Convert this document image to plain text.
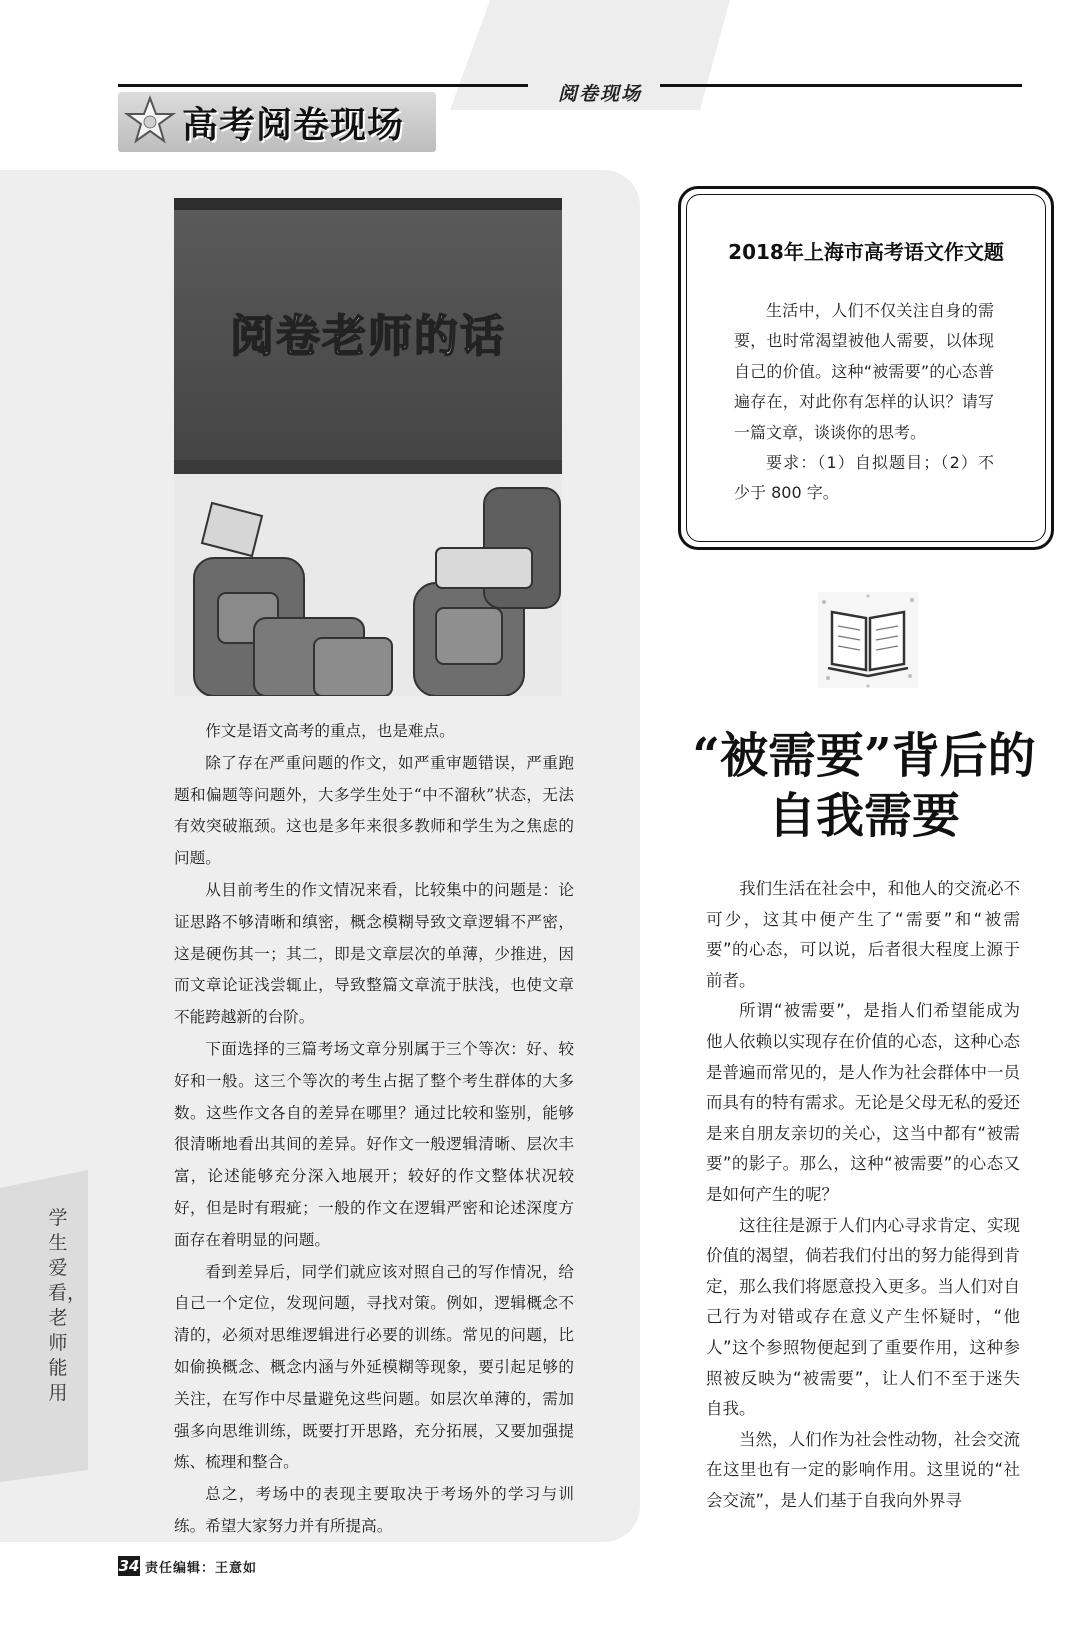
阅卷现场
高考阅卷现场
学生爱看，老师能用
阅卷老师的话

作文是语文高考的重点，也是难点。

除了存在严重问题的作文，如严重审题错误，严重跑题和偏题等问题外，大多学生处于“中不溜秋”状态，无法有效突破瓶颈。这也是多年来很多教师和学生为之焦虑的问题。

从目前考生的作文情况来看，比较集中的问题是：论证思路不够清晰和缜密，概念模糊导致文章逻辑不严密，这是硬伤其一；其二，即是文章层次的单薄，少推进，因而文章论证浅尝辄止，导致整篇文章流于肤浅，也使文章不能跨越新的台阶。

下面选择的三篇考场文章分别属于三个等次：好、较好和一般。这三个等次的考生占据了整个考生群体的大多数。这些作文各自的差异在哪里？通过比较和鉴别，能够很清晰地看出其间的差异。好作文一般逻辑清晰、层次丰富，论述能够充分深入地展开；较好的作文整体状况较好，但是时有瑕疵；一般的作文在逻辑严密和论述深度方面存在着明显的问题。

看到差异后，同学们就应该对照自己的写作情况，给自己一个定位，发现问题，寻找对策。例如，逻辑概念不清的，必须对思维逻辑进行必要的训练。常见的问题，比如偷换概念、概念内涵与外延模糊等现象，要引起足够的关注，在写作中尽量避免这些问题。如层次单薄的，需加强多向思维训练，既要打开思路，充分拓展，又要加强提炼、梳理和整合。

总之，考场中的表现主要取决于考场外的学习与训练。希望大家努力并有所提高。

2018年上海市高考语文作文题

生活中，人们不仅关注自身的需要，也时常渴望被他人需要，以体现自己的价值。这种“被需要”的心态普遍存在，对此你有怎样的认识？请写一篇文章，谈谈你的思考。

要求：（1）自拟题目；（2）不少于 800 字。

“被需要”背后的
自我需要

我们生活在社会中，和他人的交流必不可少，这其中便产生了“需要”和“被需要”的心态，可以说，后者很大程度上源于前者。

所谓“被需要”，是指人们希望能成为他人依赖以实现存在价值的心态，这种心态是普遍而常见的，是人作为社会群体中一员而具有的特有需求。无论是父母无私的爱还是来自朋友亲切的关心，这当中都有“被需要”的影子。那么，这种“被需要”的心态又是如何产生的呢？

这往往是源于人们内心寻求肯定、实现价值的渴望，倘若我们付出的努力能得到肯定，那么我们将愿意投入更多。当人们对自己行为对错或存在意义产生怀疑时，“他人”这个参照物便起到了重要作用，这种参照被反映为“被需要”，让人们不至于迷失自我。

当然，人们作为社会性动物，社会交流在这里也有一定的影响作用。这里说的“社会交流”，是人们基于自我向外界寻

34 责任编辑：王意如
